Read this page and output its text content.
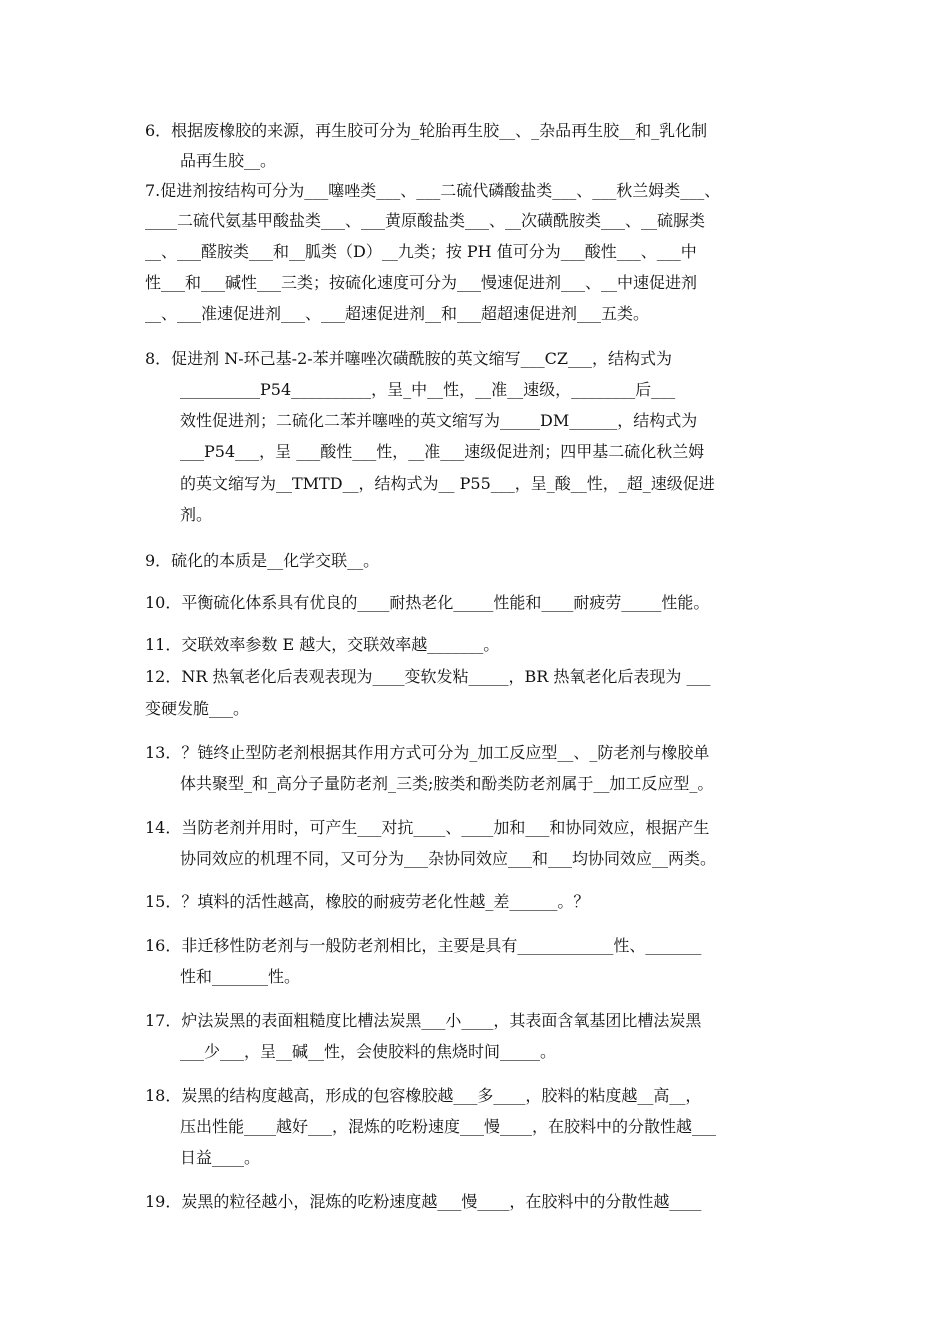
6．根据废橡胶的来源，再生胶可分为_轮胎再生胶__、_杂品再生胶__和_乳化制
品再生胶__。
7.促进剂按结构可分为___噻唑类___、___二硫代磷酸盐类___、___秋兰姆类___、
____二硫代氨基甲酸盐类___、___黄原酸盐类___、__次磺酰胺类___、__硫脲类
__、___醛胺类___和__胍类（D）__九类；按 PH 值可分为___酸性___、___中
性___和___碱性___三类；按硫化速度可分为___慢速促进剂___、__中速促进剂
__、___准速促进剂___、___超速促进剂__和___超超速促进剂___五类。
8．促进剂 N-环己基-2-苯并噻唑次磺酰胺的英文缩写___CZ___，结构式为
__________P54__________，呈_中__性，__准__速级，________后___
效性促进剂；二硫化二苯并噻唑的英文缩写为_____DM______，结构式为
___P54___，呈 ___酸性___性，__准___速级促进剂；四甲基二硫化秋兰姆
的英文缩写为__TMTD__，结构式为__ P55___，呈_酸__性，_超_速级促进
剂。
9．硫化的本质是__化学交联__。
10．平衡硫化体系具有优良的____耐热老化_____性能和____耐疲劳_____性能。
11．交联效率参数 E 越大，交联效率越_______。
12．NR 热氧老化后表观表现为____变软发粘_____，BR 热氧老化后表现为 ___
变硬发脆___。
13．？链终止型防老剂根据其作用方式可分为_加工反应型__、_防老剂与橡胶单
体共聚型_和_高分子量防老剂_三类;胺类和酚类防老剂属于__加工反应型_。
14．当防老剂并用时，可产生___对抗____、____加和___和协同效应，根据产生
协同效应的机理不同，又可分为___杂协同效应___和___均协同效应__两类。
15．？填料的活性越高，橡胶的耐疲劳老化性越_差______。？
16．非迁移性防老剂与一般防老剂相比，主要是具有____________性、_______
性和_______性。
17．炉法炭黑的表面粗糙度比槽法炭黑___小____，其表面含氧基团比槽法炭黑
___少___，呈__碱__性，会使胶料的焦烧时间_____。
18．炭黑的结构度越高，形成的包容橡胶越___多____，胶料的粘度越__高__，
压出性能____越好___，混炼的吃粉速度___慢____，在胶料中的分散性越___
日益____。
19．炭黑的粒径越小，混炼的吃粉速度越___慢____，在胶料中的分散性越____
